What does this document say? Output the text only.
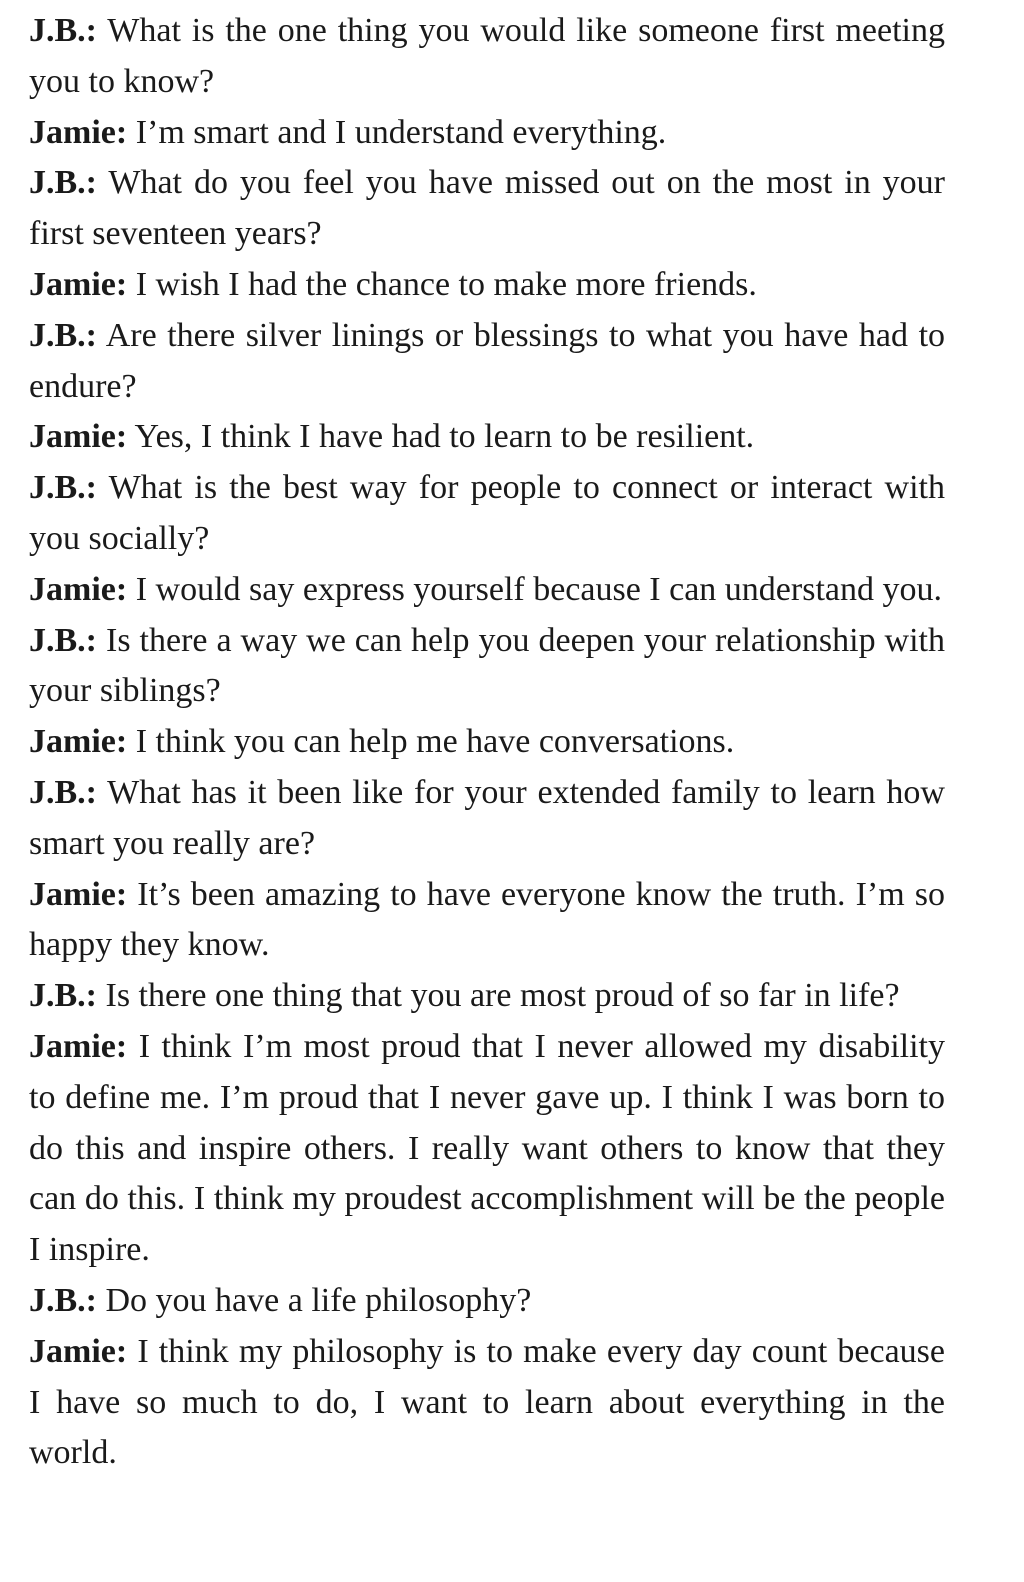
J.B.: What is the one thing you would like someone first meeting you to know?

Jamie: I’m smart and I understand everything.

J.B.: What do you feel you have missed out on the most in your first seventeen years?

Jamie: I wish I had the chance to make more friends.

J.B.: Are there silver linings or blessings to what you have had to endure?

Jamie: Yes, I think I have had to learn to be resilient.

J.B.: What is the best way for people to connect or interact with you socially?

Jamie: I would say express yourself because I can understand you.

J.B.: Is there a way we can help you deepen your relationship with your siblings?

Jamie: I think you can help me have conversations.

J.B.: What has it been like for your extended family to learn how smart you really are?

Jamie: It’s been amazing to have everyone know the truth. I’m so happy they know.

J.B.: Is there one thing that you are most proud of so far in life?

Jamie: I think I’m most proud that I never allowed my disability to define me. I’m proud that I never gave up. I think I was born to do this and inspire others. I really want others to know that they can do this. I think my proudest accomplishment will be the people I inspire.

J.B.: Do you have a life philosophy?

Jamie: I think my philosophy is to make every day count because I have so much to do, I want to learn about everything in the world.
